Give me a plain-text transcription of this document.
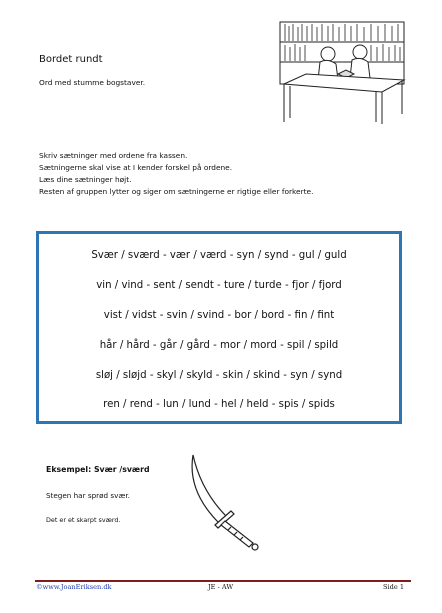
Bordet rundt
Ord med stumme bogstaver.
Skriv sætninger med ordene fra kassen.
Sætningerne skal vise at I kender forskel på ordene.
Læs dine sætninger højt.
Resten af gruppen lytter og siger om sætningerne er rigtige eller forkerte.
Svær / sværd - vær / værd - syn / synd - gul / guld
vin / vind - sent / sendt - ture / turde - fjor / fjord
vist / vidst - svin / svind - bor / bord - fin / fint
hår / hård - går / gård - mor / mord - spil / spild
sløj / sløjd - skyl / skyld - skin / skind - syn / synd
ren / rend - lun / lund - hel / held - spis / spids
Eksempel: Svær /sværd
Stegen har sprød svær.
Det er et skarpt sværd.
©www.JoanEriksen.dk	JE - AW	Side 1
